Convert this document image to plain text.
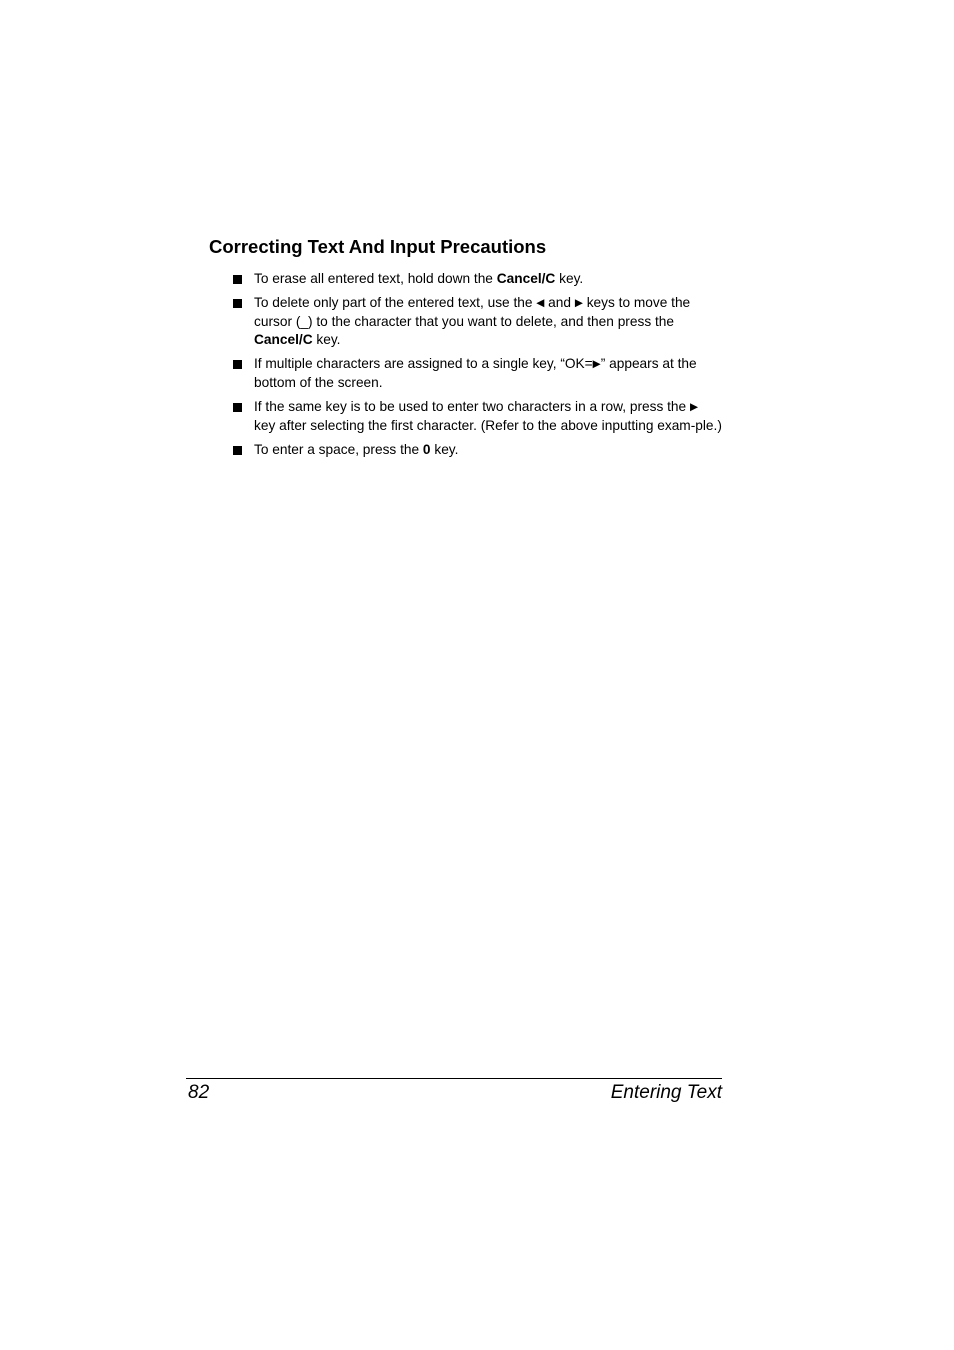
Correcting Text And Input Precautions
To erase all entered text, hold down the Cancel/C key.
To delete only part of the entered text, use the ◀ and ▶ keys to move the cursor (_) to the character that you want to delete, and then press the Cancel/C key.
If multiple characters are assigned to a single key, “OK=▶” appears at the bottom of the screen.
If the same key is to be used to enter two characters in a row, press the ▶ key after selecting the first character. (Refer to the above inputting exam-ple.)
To enter a space, press the 0 key.
82	Entering Text
